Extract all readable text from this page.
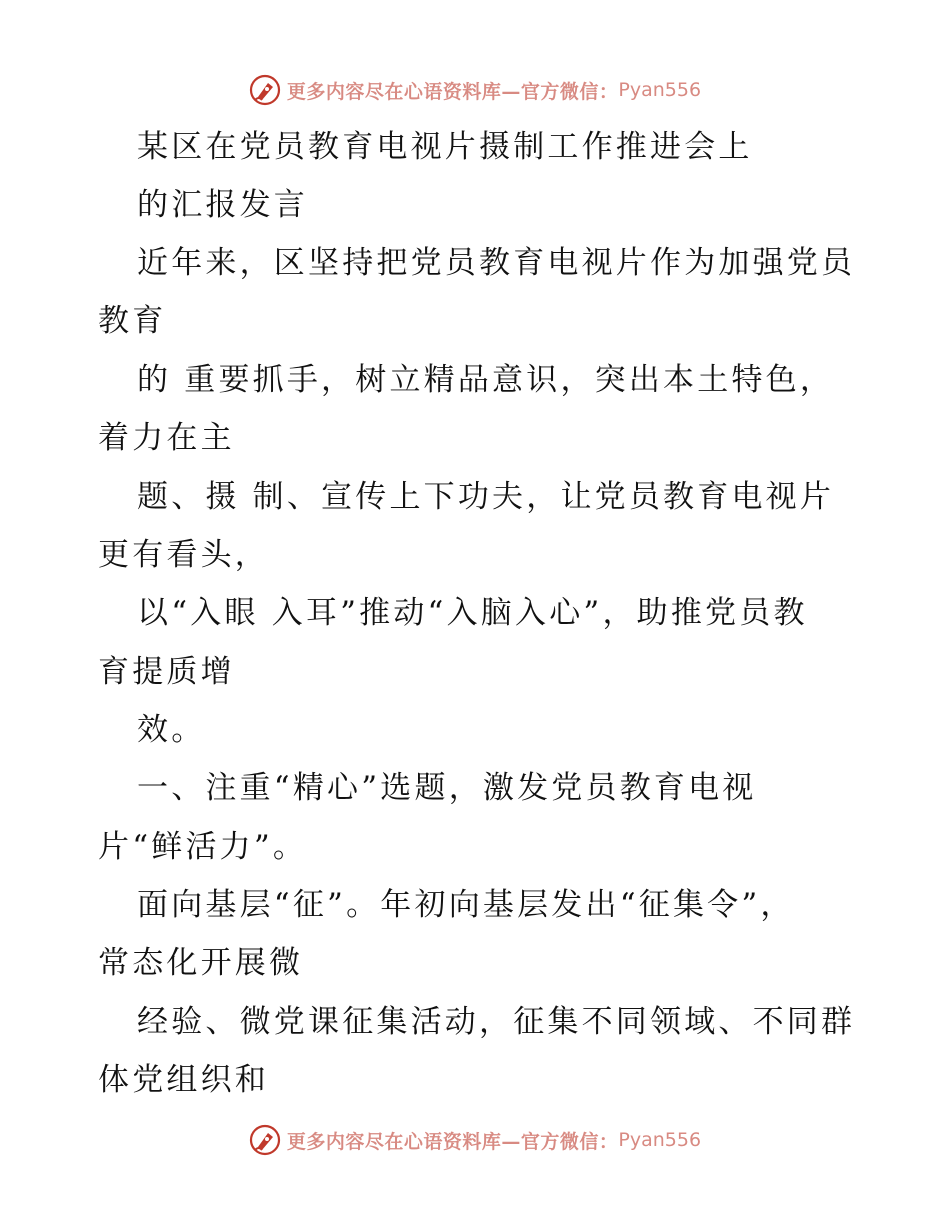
更多内容尽在心语资料库—官方微信： Pyan556
某区在党员教育电视片摄制工作推进会上
的汇报发言
近年来，区坚持把党员教育电视片作为加强党员
教育
的 重要抓手，树立精品意识，突出本土特色，
着力在主
题、摄 制、宣传上下功夫，让党员教育电视片
更有看头，
以“入眼 入耳”推动“入脑入心”，助推党员教
育提质增
效。
一、注重“精心”选题，激发党员教育电视
片“鲜活力”。
面向基层“征”。年初向基层发出“征集令”，
常态化开展微
经验、微党课征集活动，征集不同领域、不同群
体党组织和
更多内容尽在心语资料库—官方微信： Pyan556
